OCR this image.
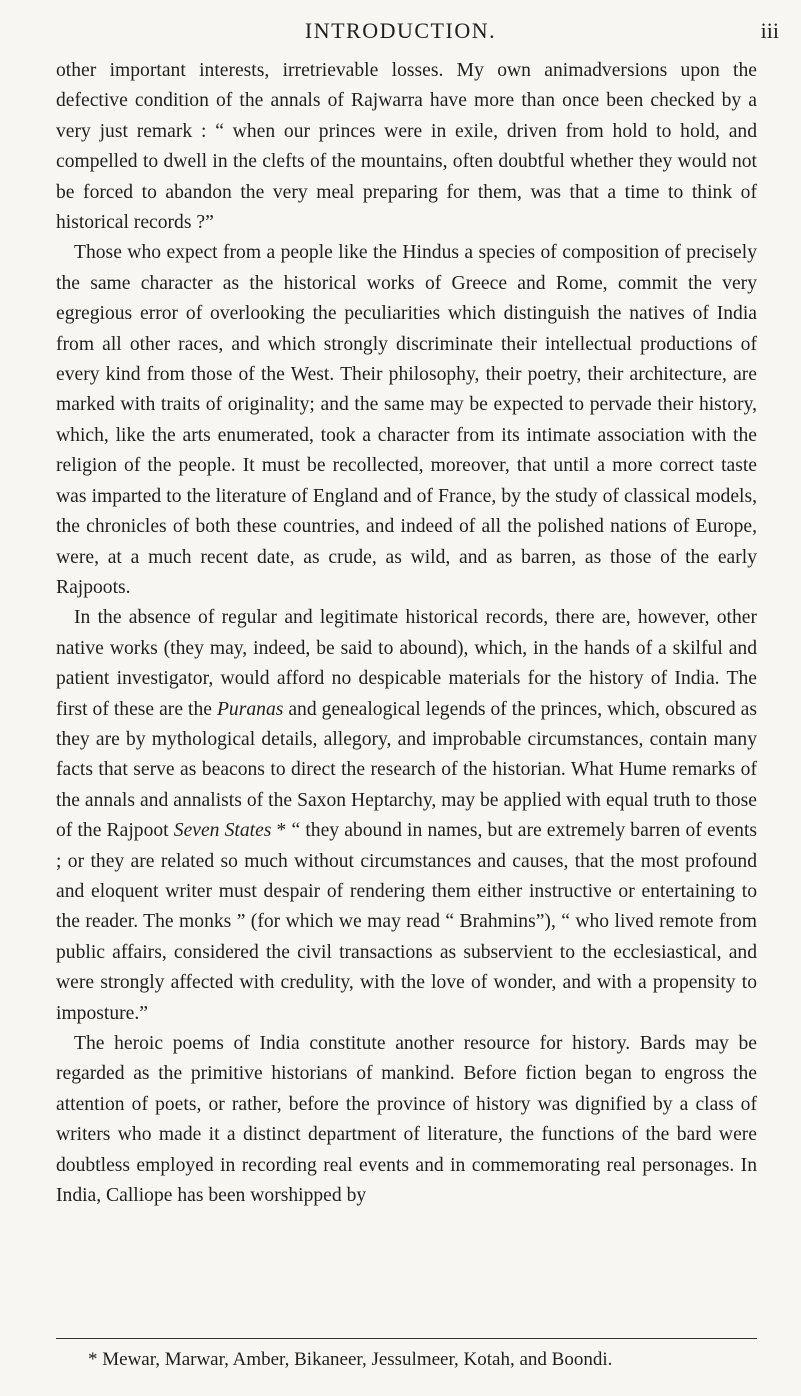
INTRODUCTION.	iii

other important interests, irretrievable losses. My own animadversions upon the defective condition of the annals of Rajwarra have more than once been checked by a very just remark : “ when our princes were in exile, driven from hold to hold, and compelled to dwell in the clefts of the mountains, often doubtful whether they would not be forced to abandon the very meal preparing for them, was that a time to think of historical records ?”

Those who expect from a people like the Hindus a species of composition of precisely the same character as the historical works of Greece and Rome, commit the very egregious error of overlooking the peculiarities which distinguish the natives of India from all other races, and which strongly discriminate their intellectual productions of every kind from those of the West. Their philosophy, their poetry, their architecture, are marked with traits of originality; and the same may be expected to pervade their history, which, like the arts enumerated, took a character from its intimate association with the religion of the people. It must be recollected, moreover, that until a more correct taste was imparted to the literature of England and of France, by the study of classical models, the chronicles of both these countries, and indeed of all the polished nations of Europe, were, at a much recent date, as crude, as wild, and as barren, as those of the early Rajpoots.

In the absence of regular and legitimate historical records, there are, however, other native works (they may, indeed, be said to abound), which, in the hands of a skilful and patient investigator, would afford no despicable materials for the history of India. The first of these are the Puranas and genealogical legends of the princes, which, obscured as they are by mythological details, allegory, and improbable circumstances, contain many facts that serve as beacons to direct the research of the historian. What Hume remarks of the annals and annalists of the Saxon Heptarchy, may be applied with equal truth to those of the Rajpoot Seven States * “ they abound in names, but are extremely barren of events ; or they are related so much without circumstances and causes, that the most profound and eloquent writer must despair of rendering them either instructive or entertaining to the reader. The monks ” (for which we may read “ Brahmins”), “ who lived remote from public affairs, considered the civil transactions as subservient to the ecclesiastical, and were strongly affected with credulity, with the love of wonder, and with a propensity to imposture.”

The heroic poems of India constitute another resource for history. Bards may be regarded as the primitive historians of mankind. Before fiction began to engross the attention of poets, or rather, before the province of history was dignified by a class of writers who made it a distinct department of literature, the functions of the bard were doubtless employed in recording real events and in commemorating real personages. In India, Calliope has been worshipped by

* Mewar, Marwar, Amber, Bikaneer, Jessulmeer, Kotah, and Boondi.
